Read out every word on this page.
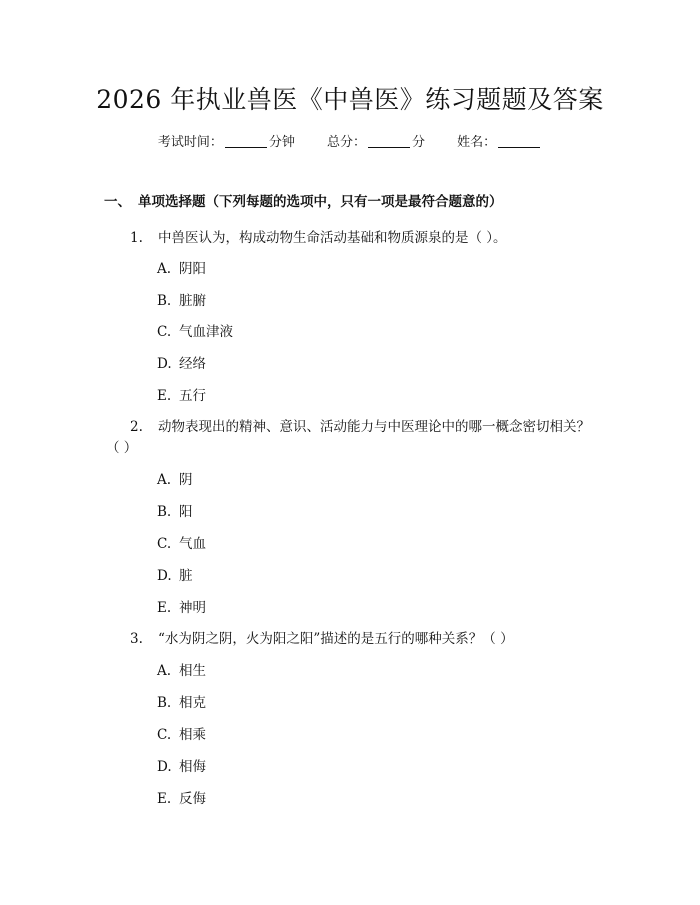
2026 年执业兽医《中兽医》练习题题及答案
考试时间：	分钟 总分：	分 姓名：
一、 单项选择题（下列每题的选项中，只有一项是最符合题意的）
1. 中兽医认为，构成动物生命活动基础和物质源泉的是（ ）。
A. 阴阳
B. 脏腑
C. 气血津液
D. 经络
E. 五行
2. 动物表现出的精神、意识、活动能力与中医理论中的哪一概念密切相关？
（ ）
A. 阴
B. 阳
C. 气血
D. 脏
E. 神明
3. “水为阴之阴，火为阳之阳”描述的是五行的哪种关系？（ ）
A. 相生
B. 相克
C. 相乘
D. 相侮
E. 反侮
